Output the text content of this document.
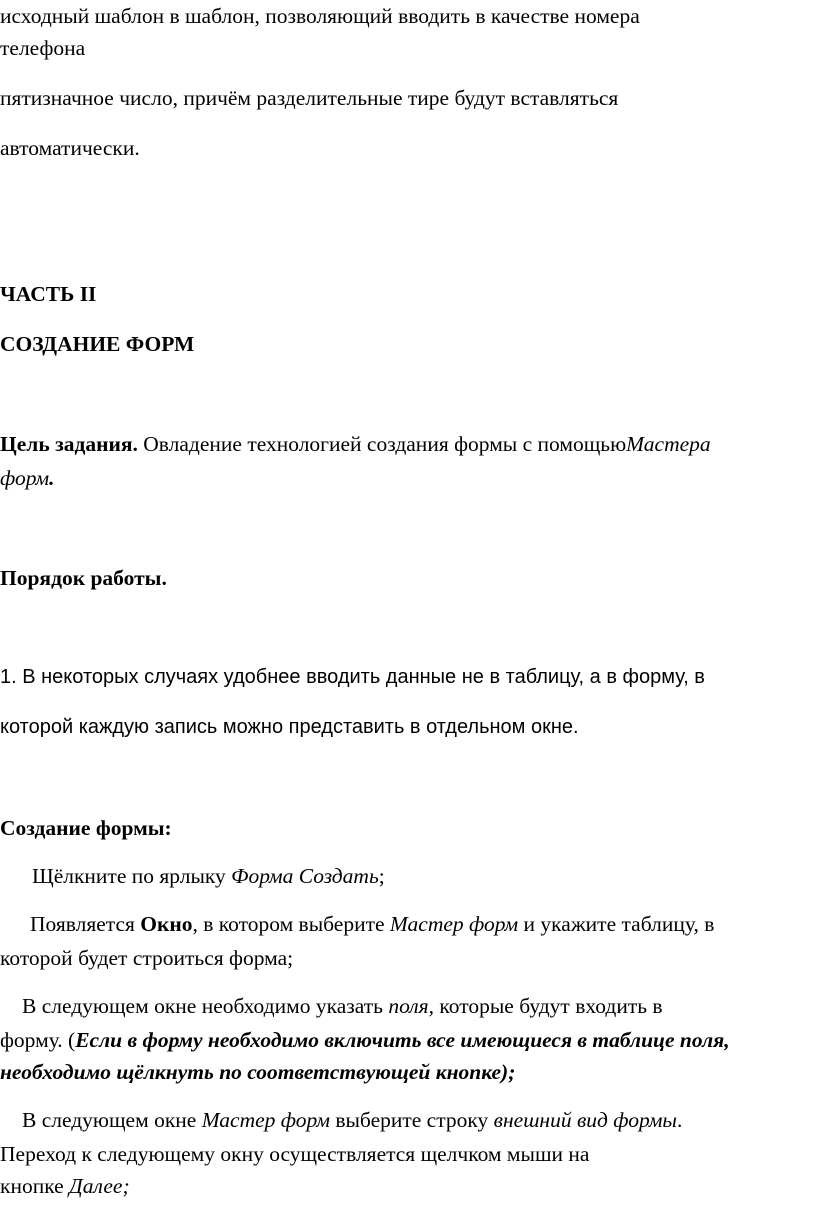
исходный шаблон в шаблон, позволяющий вводить в качестве номера
телефона
пятизначное число, причём разделительные тире будут вставляться
автоматически.
ЧАСТЬ II
СОЗДАНИЕ ФОРМ
Цель задания. Овладение технологией создания формы с помощьюМастера
форм.
Порядок работы.
1. В некоторых случаях удобнее вводить данные не в таблицу, а в форму, в
которой каждую запись можно представить в отдельном окне.
Создание формы:
Щёлкните по ярлыку Форма Создать;
Появляется Окно, в котором выберите Мастер форм и укажите таблицу, в
которой будет строиться форма;
В следующем окне необходимо указать поля, которые будут входить в
форму. (Если в форму необходимо включить все имеющиеся в таблице поля,
необходимо щёлкнуть по соответствующей кнопке);
В следующем окне Мастер форм выберите строку внешний вид формы.
Переход к следующему окну осуществляется щелчком мыши на
кнопке Далее;
